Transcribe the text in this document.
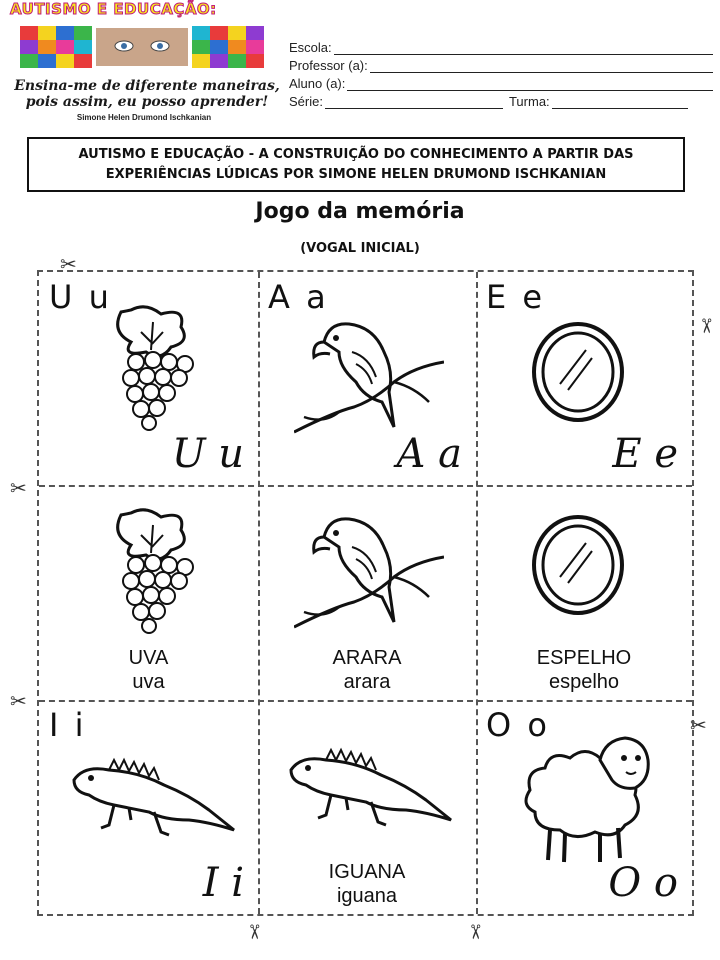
AUTISMO E EDUCAÇÃO:
Ensina-me de diferente maneiras,
pois assim, eu posso aprender!
Simone Helen Drumond Ischkanian
Escola:
Professor (a):
Aluno (a):
Série:	Turma:
AUTISMO E EDUCAÇÃO - A CONSTRUIÇÃO DO CONHECIMENTO A PARTIR DAS
EXPERIÊNCIAS LÚDICAS POR SIMONE HELEN DRUMOND ISCHKANIAN
Jogo da memória
(VOGAL INICIAL)
✂
✂
✂
✂
✂
✂	✂
U u
U u
A a
A a
E e
E e
UVA
uva
ARARA
arara
ESPELHO
espelho
I i
I i	IGUANA
iguana
O o
O o
